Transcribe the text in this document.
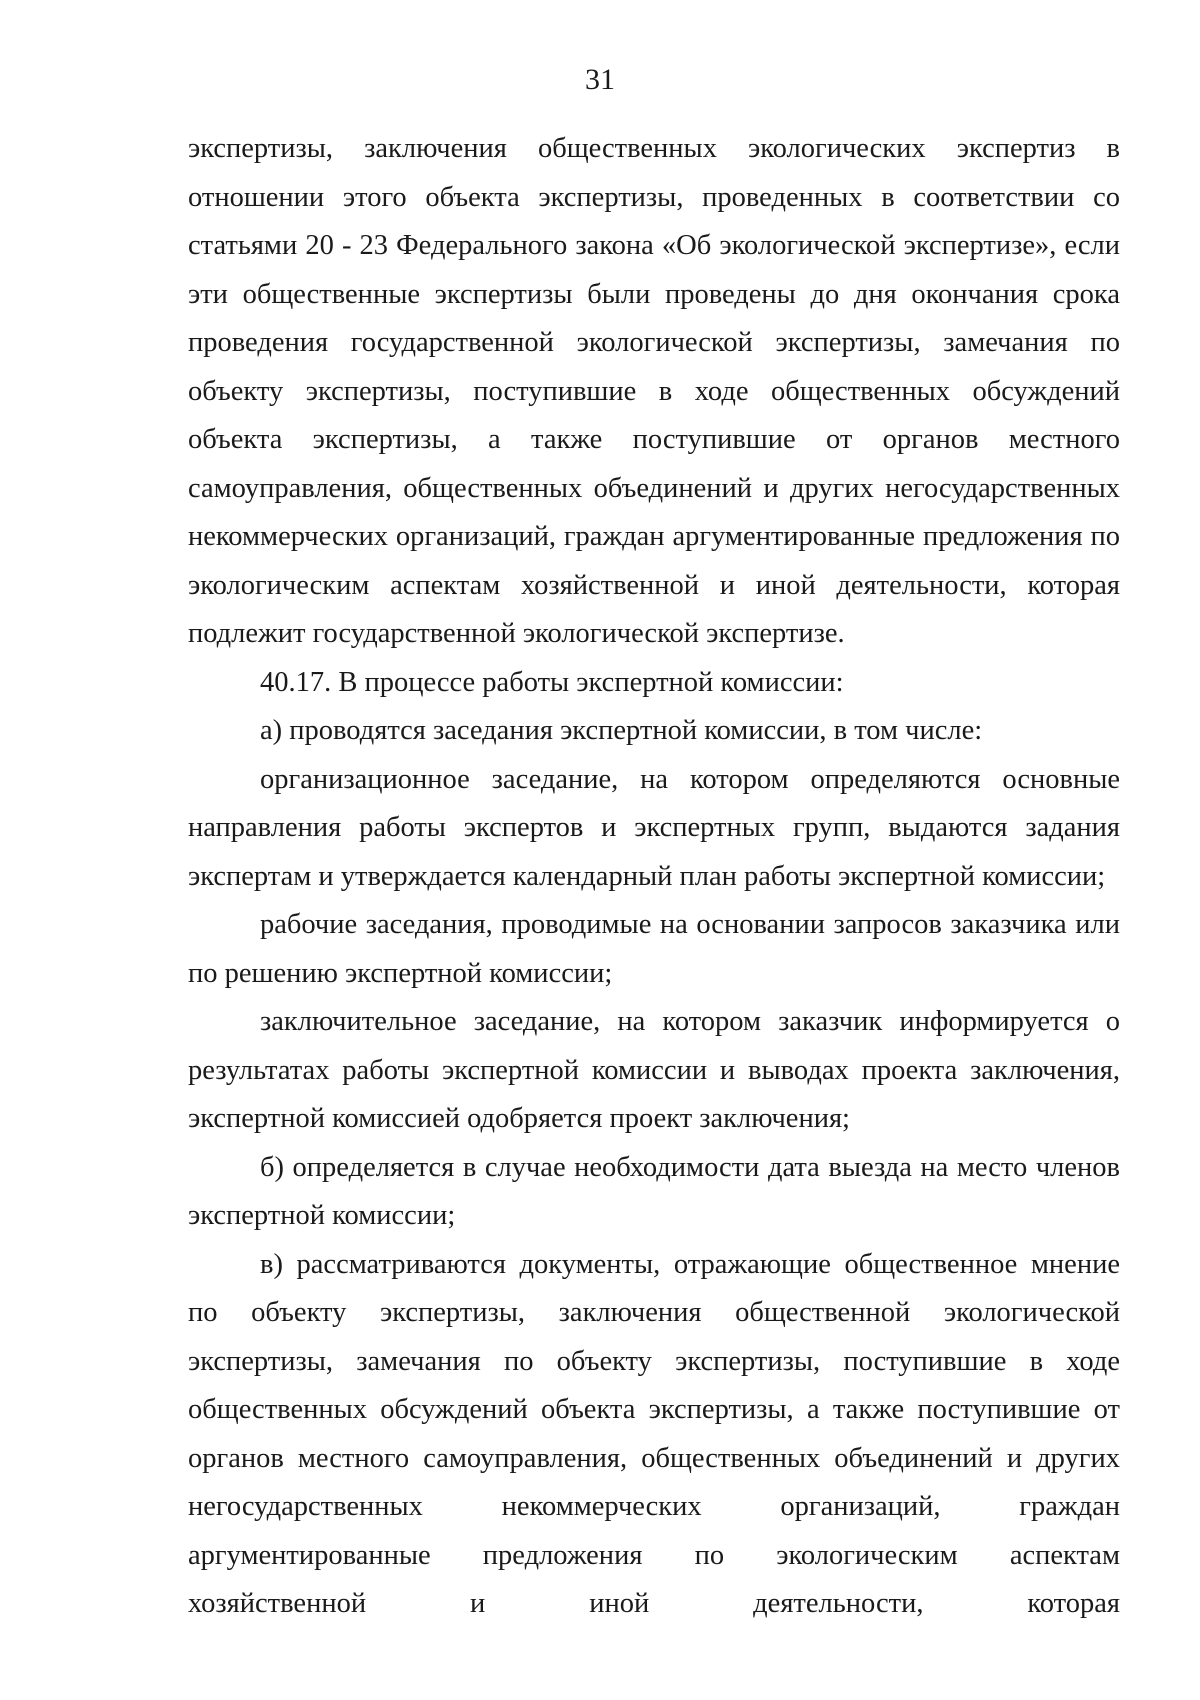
31

экспертизы, заключения общественных экологических экспертиз в отношении этого объекта экспертизы, проведенных в соответствии со статьями 20 - 23 Федерального закона «Об экологической экспертизе», если эти общественные экспертизы были проведены до дня окончания срока проведения государственной экологической экспертизы, замечания по объекту экспертизы, поступившие в ходе общественных обсуждений объекта экспертизы, а также поступившие от органов местного самоуправления, общественных объединений и других негосударственных некоммерческих организаций, граждан аргументированные предложения по экологическим аспектам хозяйственной и иной деятельности, которая подлежит государственной экологической экспертизе.

40.17. В процессе работы экспертной комиссии:

а) проводятся заседания экспертной комиссии, в том числе:

организационное заседание, на котором определяются основные направления работы экспертов и экспертных групп, выдаются задания экспертам и утверждается календарный план работы экспертной комиссии;

рабочие заседания, проводимые на основании запросов заказчика или по решению экспертной комиссии;

заключительное заседание, на котором заказчик информируется о результатах работы экспертной комиссии и выводах проекта заключения, экспертной комиссией одобряется проект заключения;

б) определяется в случае необходимости дата выезда на место членов экспертной комиссии;

в) рассматриваются документы, отражающие общественное мнение по объекту экспертизы, заключения общественной экологической экспертизы, замечания по объекту экспертизы, поступившие в ходе общественных обсуждений объекта экспертизы, а также поступившие от органов местного самоуправления, общественных объединений и других негосударственных некоммерческих организаций, граждан аргументированные предложения по экологическим аспектам хозяйственной и иной деятельности, которая
